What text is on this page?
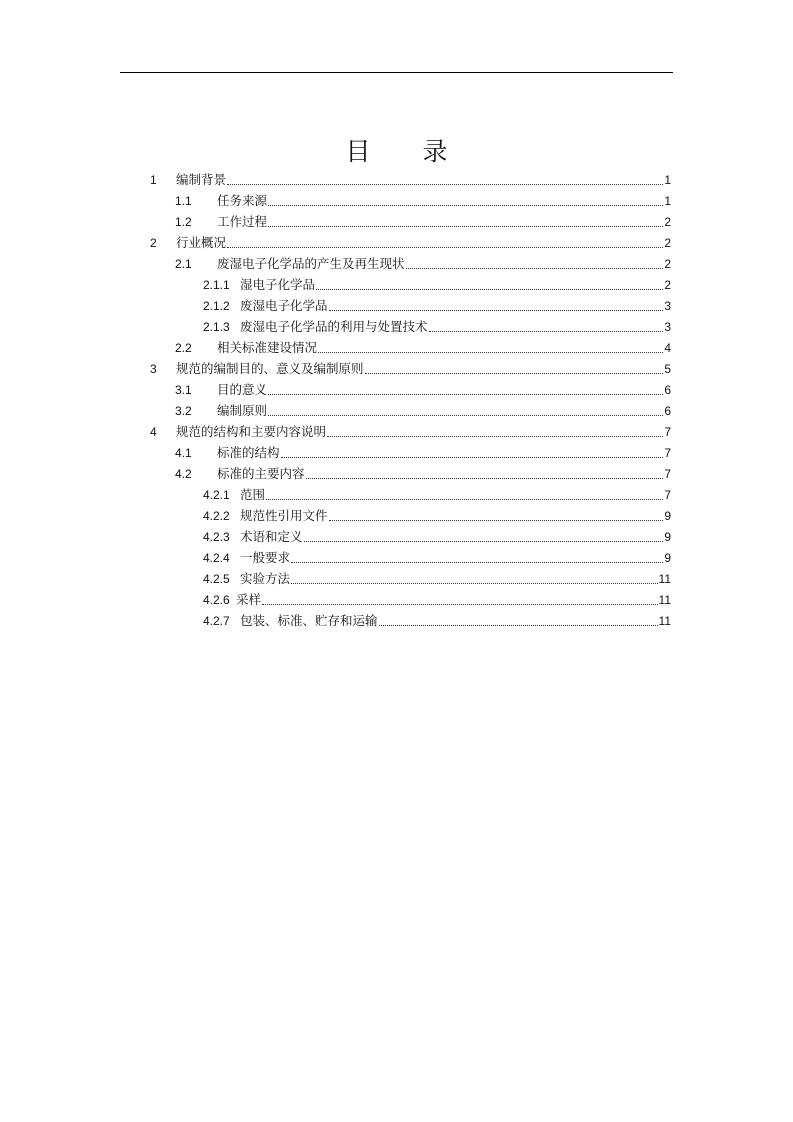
目 录
1	编制背景	1
1.1	任务来源	1
1.2	工作过程	2
2	行业概况	2
2.1	废湿电子化学品的产生及再生现状	2
2.1.1 湿电子化学品	2
2.1.2 废湿电子化学品	3
2.1.3 废湿电子化学品的利用与处置技术	3
2.2	相关标准建设情况	4
3	规范的编制目的、意义及编制原则	5
3.1	目的意义	6
3.2	编制原则	6
4	规范的结构和主要内容说明	7
4.1	标准的结构	7
4.2	标准的主要内容	7
4.2.1 范围	7
4.2.2 规范性引用文件	9
4.2.3 术语和定义	9
4.2.4 一般要求	9
4.2.5 实验方法	11
4.2.6 采样	11
4.2.7 包装、标准、贮存和运输	11
